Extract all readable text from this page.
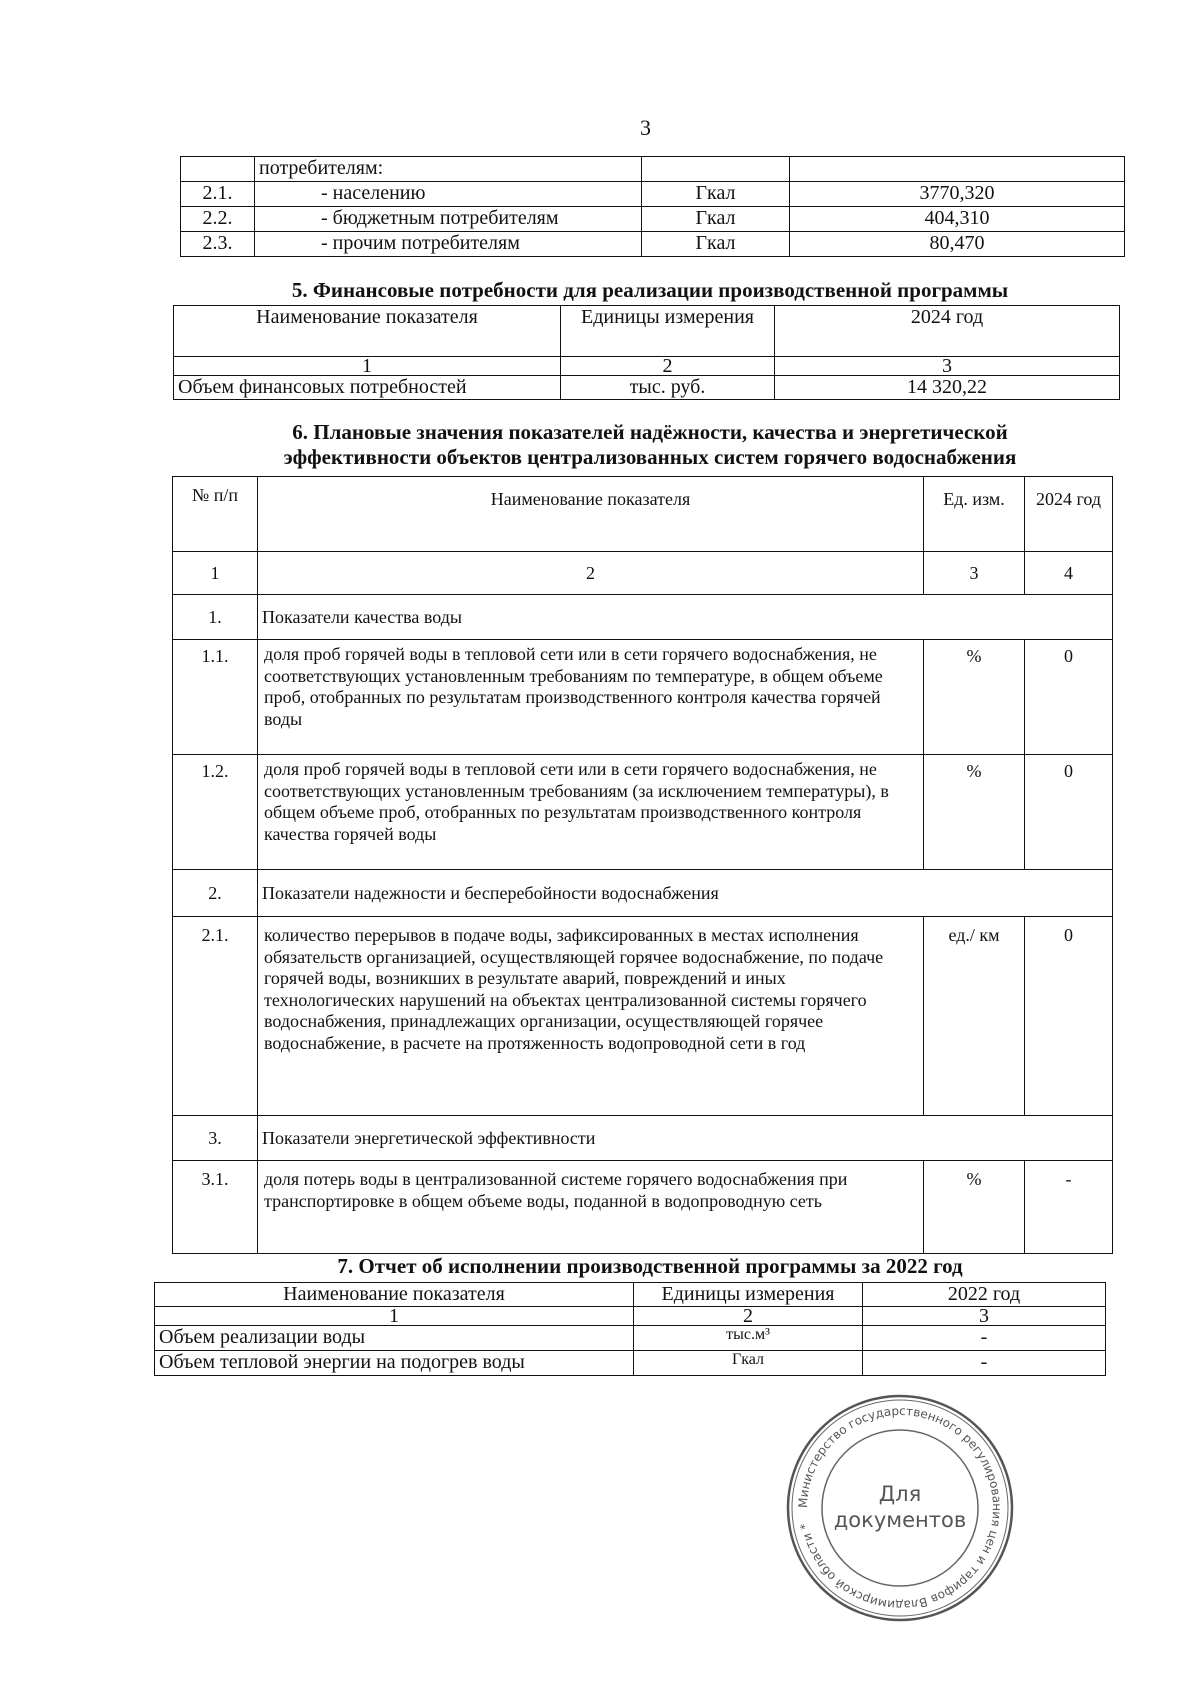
3
	потребителям:		
2.1.	- населению	Гкал	3770,320
2.2.	- бюджетным потребителям	Гкал	404,310
2.3.	- прочим потребителям	Гкал	80,470
5. Финансовые потребности для реализации производственной программы
Наименование показателя	Единицы измерения	2024 год
1	2	3
Объем финансовых потребностей	тыс. руб.	14 320,22
6. Плановые значения показателей надёжности, качества и энергетической
эффективности объектов централизованных систем горячего водоснабжения
№ п/п	Наименование показателя	Ед. изм.	2024 год
1	2	3	4
1.	Показатели качества воды		
1.1.	доля проб горячей воды в тепловой сети или в сети горячего водоснабжения, не соответствующих установленным требованиям по температуре, в общем объеме проб, отобранных по результатам производственного контроля качества горячей воды	%	0
1.2.	доля проб горячей воды в тепловой сети или в сети горячего водоснабжения, не соответствующих установленным требованиям (за исключением температуры), в общем объеме проб, отобранных по результатам производственного контроля качества горячей воды	%	0
2.	Показатели надежности и бесперебойности водоснабжения		
2.1.	количество перерывов в подаче воды, зафиксированных в местах исполнения обязательств организацией, осуществляющей горячее водоснабжение, по подаче горячей воды, возникших в результате аварий, повреждений и иных технологических нарушений на объектах централизованной системы горячего водоснабжения, принадлежащих организации, осуществляющей горячее водоснабжение, в расчете на протяженность водопроводной сети в год	ед./ км	0
3.	Показатели энергетической эффективности		
3.1.	доля потерь воды в централизованной системе горячего водоснабжения при транспортировке в общем объеме воды, поданной в водопроводную сеть	%	-
7. Отчет об исполнении производственной программы за 2022 год
Наименование показателя	Единицы измерения	2022 год
1	2	3
Объем реализации воды	тыс.м³	-
Объем тепловой энергии на подогрев воды	Гкал	-
Министерство государственного регулирования цен и тарифов Владимирской области *
Для
документов
